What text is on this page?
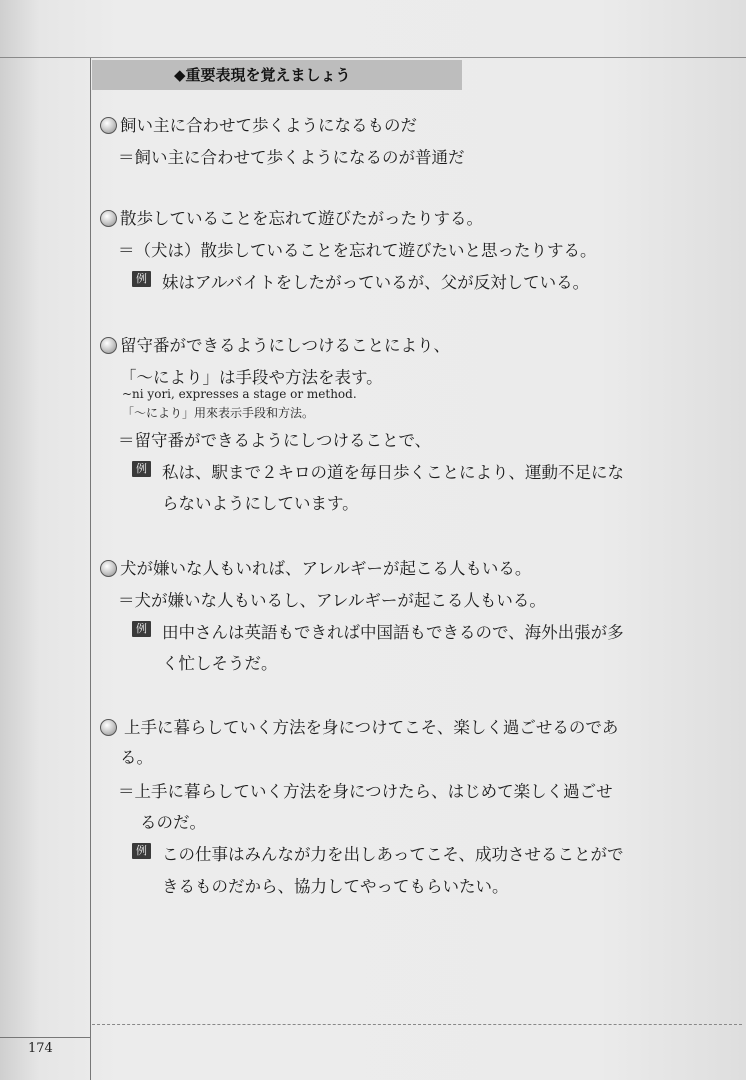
174
◆重要表現を覚えましょう
飼い主に合わせて歩くようになるものだ
＝飼い主に合わせて歩くようになるのが普通だ
散歩していることを忘れて遊びたがったりする。
＝（犬は）散歩していることを忘れて遊びたいと思ったりする。
例 妹はアルバイトをしたがっているが、父が反対している。
留守番ができるようにしつけることにより、
「～により」は手段や方法を表す。
~ni yori, expresses a stage or method.
「～により」用來表示手段和方法。
＝留守番ができるようにしつけることで、
例 私は、駅まで２キロの道を毎日歩くことにより、運動不足にな
らないようにしています。
犬が嫌いな人もいれば、アレルギーが起こる人もいる。
＝犬が嫌いな人もいるし、アレルギーが起こる人もいる。
例 田中さんは英語もできれば中国語もできるので、海外出張が多
く忙しそうだ。
上手に暮らしていく方法を身につけてこそ、楽しく過ごせるのであ
る。
＝上手に暮らしていく方法を身につけたら、はじめて楽しく過ごせ
るのだ。
例 この仕事はみんなが力を出しあってこそ、成功させることがで
きるものだから、協力してやってもらいたい。
